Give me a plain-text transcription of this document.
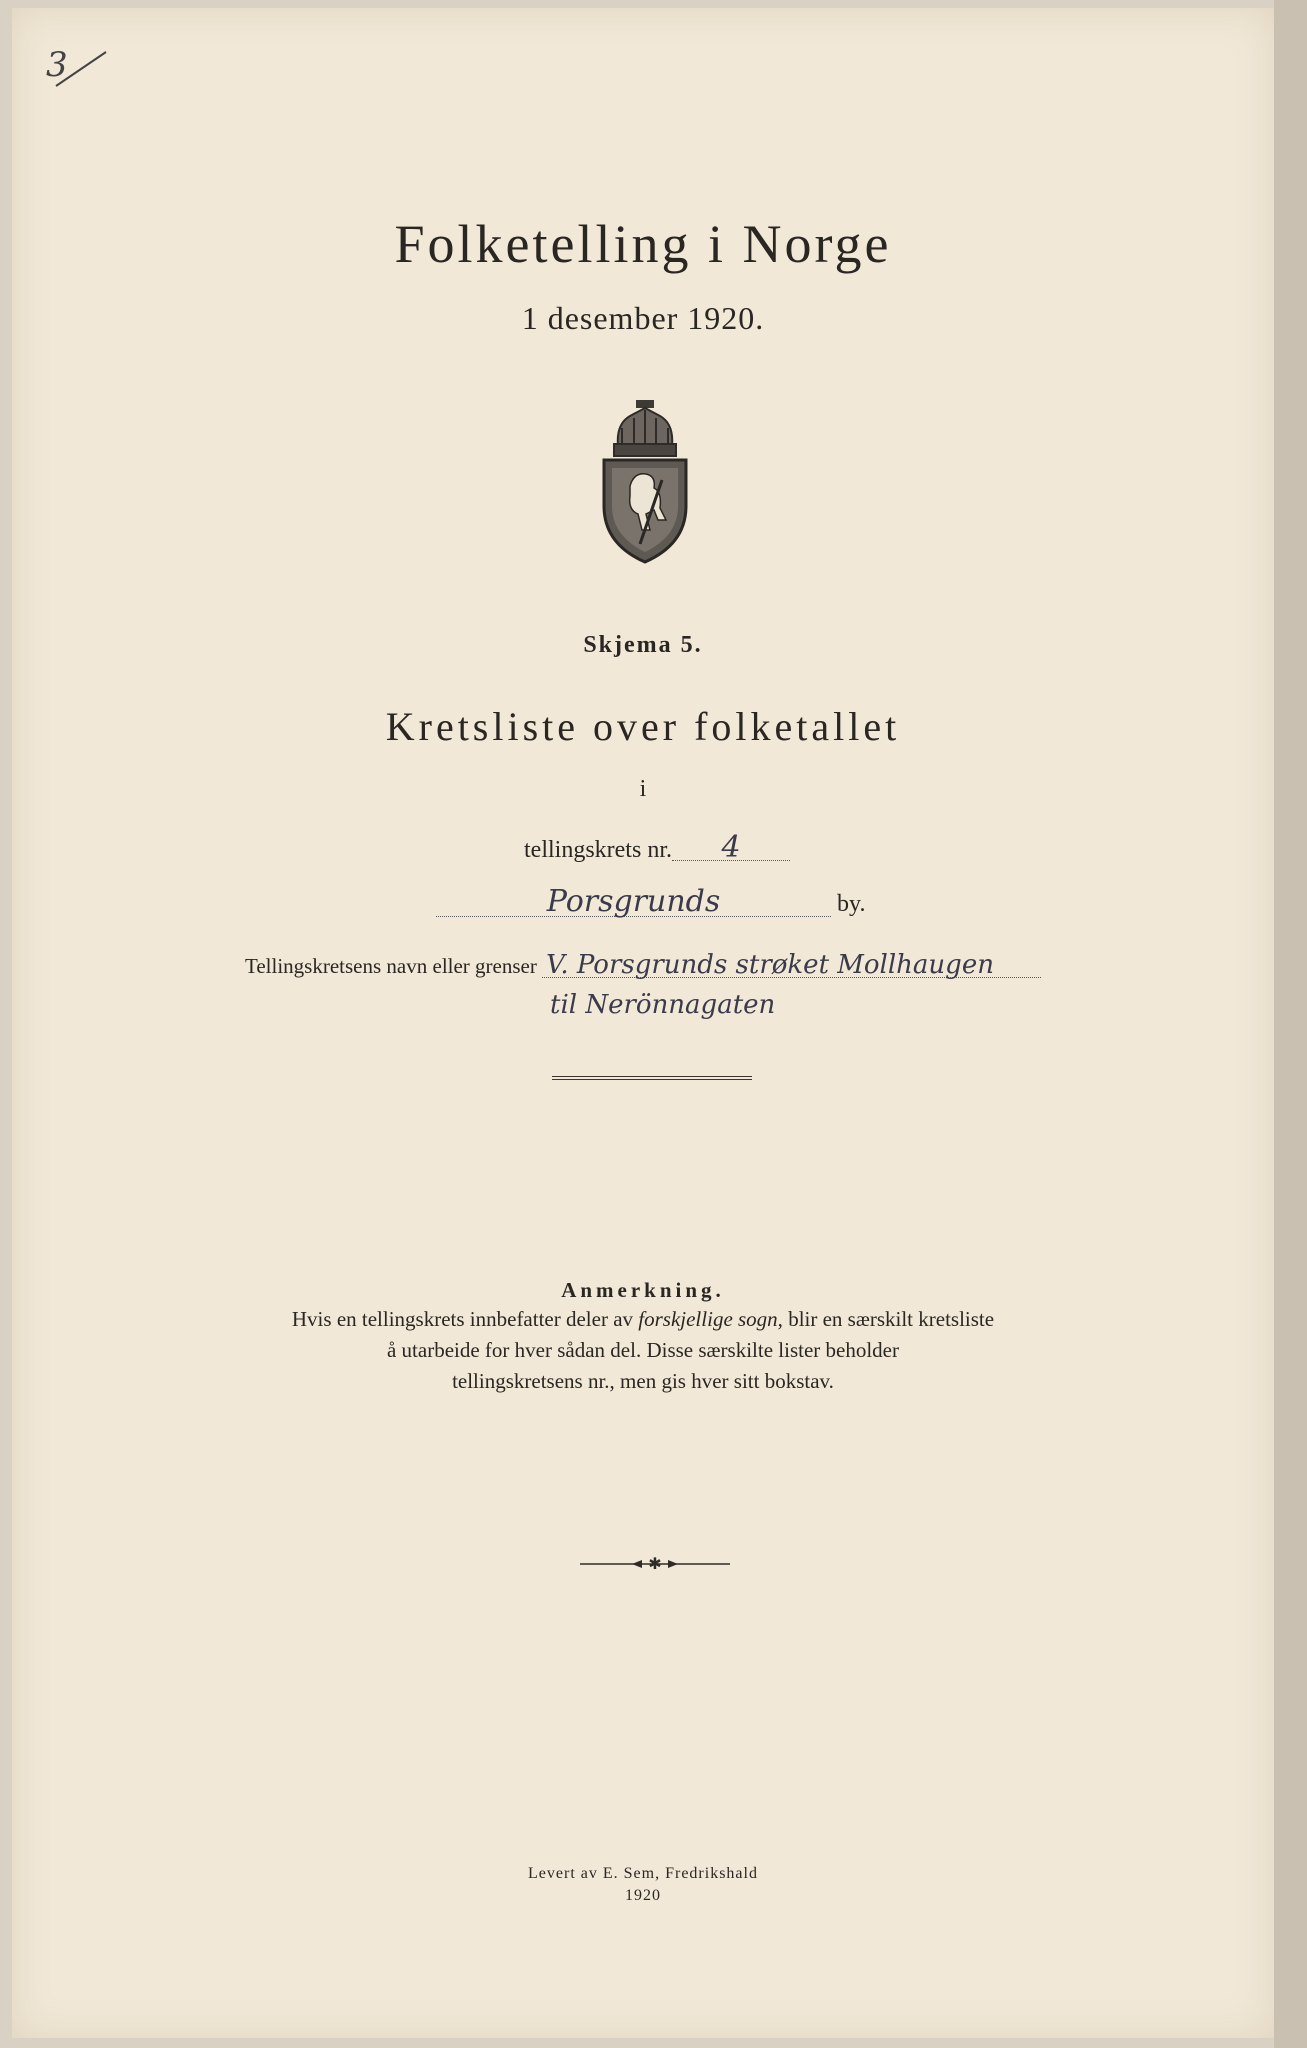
3
Folketelling i Norge
1 desember 1920.
Skjema 5.
Kretsliste over folketallet
i
tellingskrets nr. 4
Porsgrunds	by.
Tellingskretsens navn eller grenser V. Porsgrunds strøket Mollhaugen
til Nerönnagaten
Anmerkning.
Hvis en tellingskrets innbefatter deler av forskjellige sogn, blir en særskilt kretsliste
å utarbeide for hver sådan del. Disse særskilte lister beholder
tellingskretsens nr., men gis hver sitt bokstav.
✱
Levert av E. Sem, Fredrikshald
1920
